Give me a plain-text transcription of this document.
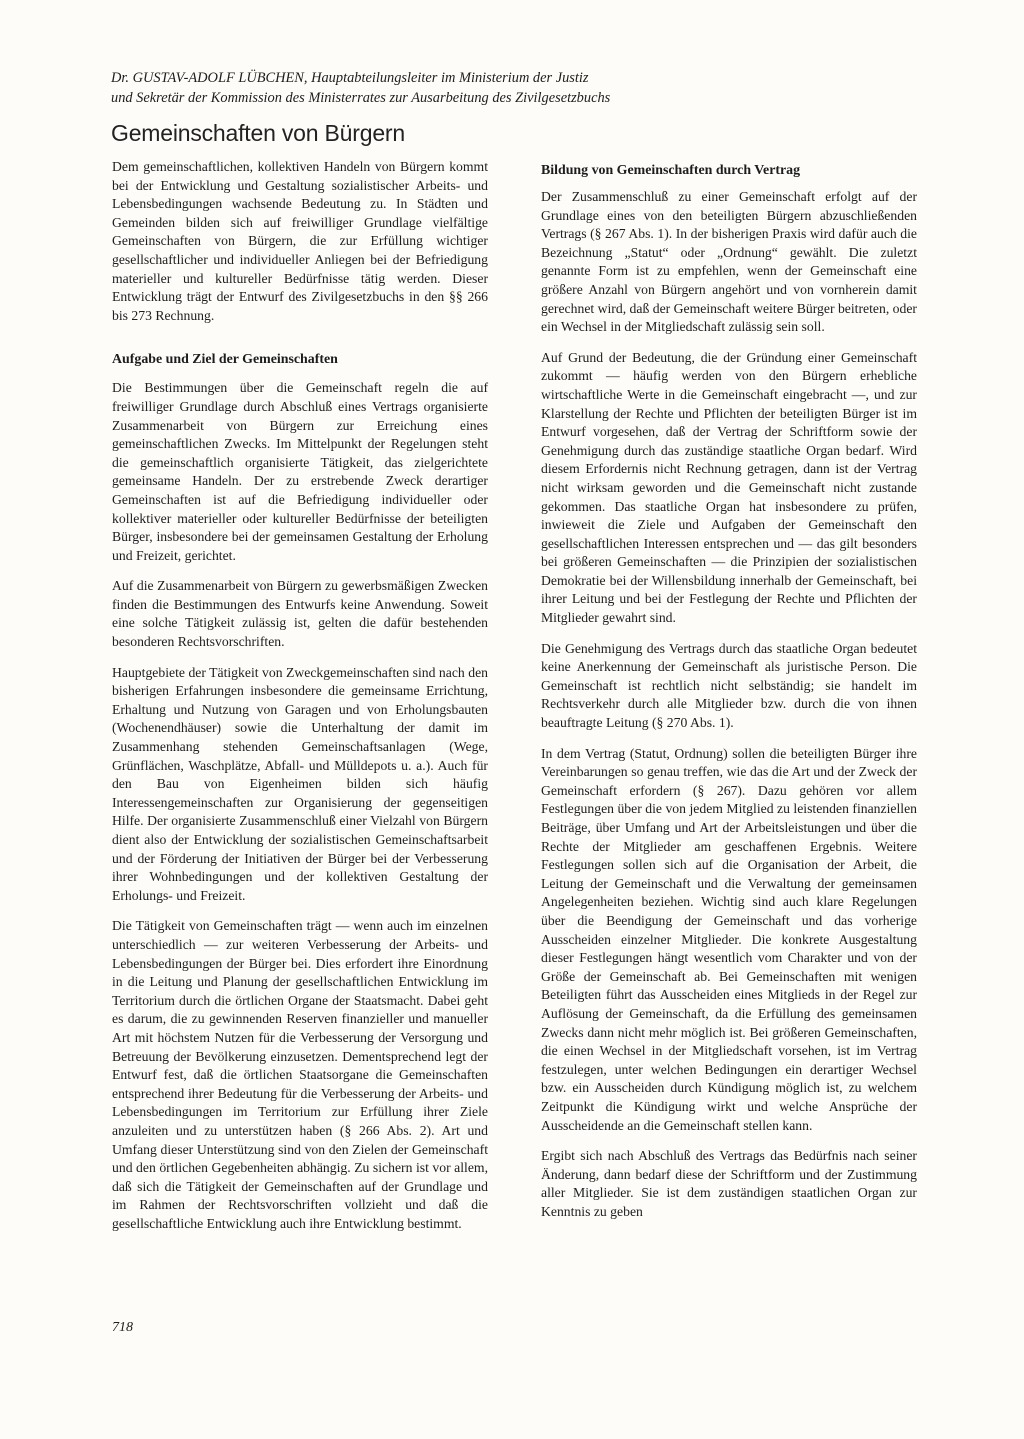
Dr. GUSTAV-ADOLF LÜBCHEN, Hauptabteilungsleiter im Ministerium der Justiz
und Sekretär der Kommission des Ministerrates zur Ausarbeitung des Zivilgesetzbuchs
Gemeinschaften von Bürgern

Dem gemeinschaftlichen, kollektiven Handeln von Bürgern kommt bei der Entwicklung und Gestaltung sozialistischer Arbeits- und Lebensbedingungen wachsende Bedeutung zu. In Städten und Gemeinden bilden sich auf freiwilliger Grundlage vielfältige Gemeinschaften von Bürgern, die zur Erfüllung wichtiger gesellschaftlicher und individueller Anliegen bei der Befriedigung materieller und kultureller Bedürfnisse tätig werden. Dieser Entwicklung trägt der Entwurf des Zivilgesetzbuchs in den §§ 266 bis 273 Rechnung.

Aufgabe und Ziel der Gemeinschaften

Die Bestimmungen über die Gemeinschaft regeln die auf freiwilliger Grundlage durch Abschluß eines Vertrags organisierte Zusammenarbeit von Bürgern zur Erreichung eines gemeinschaftlichen Zwecks. Im Mittelpunkt der Regelungen steht die gemeinschaftlich organisierte Tätigkeit, das zielgerichtete gemeinsame Handeln. Der zu erstrebende Zweck derartiger Gemeinschaften ist auf die Befriedigung individueller oder kollektiver materieller oder kultureller Bedürfnisse der beteiligten Bürger, insbesondere bei der gemeinsamen Gestaltung der Erholung und Freizeit, gerichtet.

Auf die Zusammenarbeit von Bürgern zu gewerbsmäßigen Zwecken finden die Bestimmungen des Entwurfs keine Anwendung. Soweit eine solche Tätigkeit zulässig ist, gelten die dafür bestehenden besonderen Rechtsvorschriften.

Hauptgebiete der Tätigkeit von Zweckgemeinschaften sind nach den bisherigen Erfahrungen insbesondere die gemeinsame Errichtung, Erhaltung und Nutzung von Garagen und von Erholungsbauten (Wochenendhäuser) sowie die Unterhaltung der damit im Zusammenhang stehenden Gemeinschaftsanlagen (Wege, Grünflächen, Waschplätze, Abfall- und Mülldepots u. a.). Auch für den Bau von Eigenheimen bilden sich häufig Interessengemeinschaften zur Organisierung der gegenseitigen Hilfe. Der organisierte Zusammenschluß einer Vielzahl von Bürgern dient also der Entwicklung der sozialistischen Gemeinschaftsarbeit und der Förderung der Initiativen der Bürger bei der Verbesserung ihrer Wohnbedingungen und der kollektiven Gestaltung der Erholungs- und Freizeit.

Die Tätigkeit von Gemeinschaften trägt — wenn auch im einzelnen unterschiedlich — zur weiteren Verbesserung der Arbeits- und Lebensbedingungen der Bürger bei. Dies erfordert ihre Einordnung in die Leitung und Planung der gesellschaftlichen Entwicklung im Territorium durch die örtlichen Organe der Staatsmacht. Dabei geht es darum, die zu gewinnenden Reserven finanzieller und manueller Art mit höchstem Nutzen für die Verbesserung der Versorgung und Betreuung der Bevölkerung einzusetzen. Dementsprechend legt der Entwurf fest, daß die örtlichen Staatsorgane die Gemeinschaften entsprechend ihrer Bedeutung für die Verbesserung der Arbeits- und Lebensbedingungen im Territorium zur Erfüllung ihrer Ziele anzuleiten und zu unterstützen haben (§ 266 Abs. 2). Art und Umfang dieser Unterstützung sind von den Zielen der Gemeinschaft und den örtlichen Gegebenheiten abhängig. Zu sichern ist vor allem, daß sich die Tätigkeit der Gemeinschaften auf der Grundlage und im Rahmen der Rechtsvorschriften vollzieht und daß die gesellschaftliche Entwicklung auch ihre Entwicklung bestimmt.

Bildung von Gemeinschaften durch Vertrag

Der Zusammenschluß zu einer Gemeinschaft erfolgt auf der Grundlage eines von den beteiligten Bürgern abzuschließenden Vertrags (§ 267 Abs. 1). In der bisherigen Praxis wird dafür auch die Bezeichnung „Statut“ oder „Ordnung“ gewählt. Die zuletzt genannte Form ist zu empfehlen, wenn der Gemeinschaft eine größere Anzahl von Bürgern angehört und von vornherein damit gerechnet wird, daß der Gemeinschaft weitere Bürger beitreten, oder ein Wechsel in der Mitgliedschaft zulässig sein soll.

Auf Grund der Bedeutung, die der Gründung einer Gemeinschaft zukommt — häufig werden von den Bürgern erhebliche wirtschaftliche Werte in die Gemeinschaft eingebracht —, und zur Klarstellung der Rechte und Pflichten der beteiligten Bürger ist im Entwurf vorgesehen, daß der Vertrag der Schriftform sowie der Genehmigung durch das zuständige staatliche Organ bedarf. Wird diesem Erfordernis nicht Rechnung getragen, dann ist der Vertrag nicht wirksam geworden und die Gemeinschaft nicht zustande gekommen. Das staatliche Organ hat insbesondere zu prüfen, inwieweit die Ziele und Aufgaben der Gemeinschaft den gesellschaftlichen Interessen entsprechen und — das gilt besonders bei größeren Gemeinschaften — die Prinzipien der sozialistischen Demokratie bei der Willensbildung innerhalb der Gemeinschaft, bei ihrer Leitung und bei der Festlegung der Rechte und Pflichten der Mitglieder gewahrt sind.

Die Genehmigung des Vertrags durch das staatliche Organ bedeutet keine Anerkennung der Gemeinschaft als juristische Person. Die Gemeinschaft ist rechtlich nicht selbständig; sie handelt im Rechtsverkehr durch alle Mitglieder bzw. durch die von ihnen beauftragte Leitung (§ 270 Abs. 1).

In dem Vertrag (Statut, Ordnung) sollen die beteiligten Bürger ihre Vereinbarungen so genau treffen, wie das die Art und der Zweck der Gemeinschaft erfordern (§ 267). Dazu gehören vor allem Festlegungen über die von jedem Mitglied zu leistenden finanziellen Beiträge, über Umfang und Art der Arbeitsleistungen und über die Rechte der Mitglieder am geschaffenen Ergebnis. Weitere Festlegungen sollen sich auf die Organisation der Arbeit, die Leitung der Gemeinschaft und die Verwaltung der gemeinsamen Angelegenheiten beziehen. Wichtig sind auch klare Regelungen über die Beendigung der Gemeinschaft und das vorherige Ausscheiden einzelner Mitglieder. Die konkrete Ausgestaltung dieser Festlegungen hängt wesentlich vom Charakter und von der Größe der Gemeinschaft ab. Bei Gemeinschaften mit wenigen Beteiligten führt das Ausscheiden eines Mitglieds in der Regel zur Auflösung der Gemeinschaft, da die Erfüllung des gemeinsamen Zwecks dann nicht mehr möglich ist. Bei größeren Gemeinschaften, die einen Wechsel in der Mitgliedschaft vorsehen, ist im Vertrag festzulegen, unter welchen Bedingungen ein derartiger Wechsel bzw. ein Ausscheiden durch Kündigung möglich ist, zu welchem Zeitpunkt die Kündigung wirkt und welche Ansprüche der Ausscheidende an die Gemeinschaft stellen kann.

Ergibt sich nach Abschluß des Vertrags das Bedürfnis nach seiner Änderung, dann bedarf diese der Schriftform und der Zustimmung aller Mitglieder. Sie ist dem zuständigen staatlichen Organ zur Kenntnis zu geben

718
